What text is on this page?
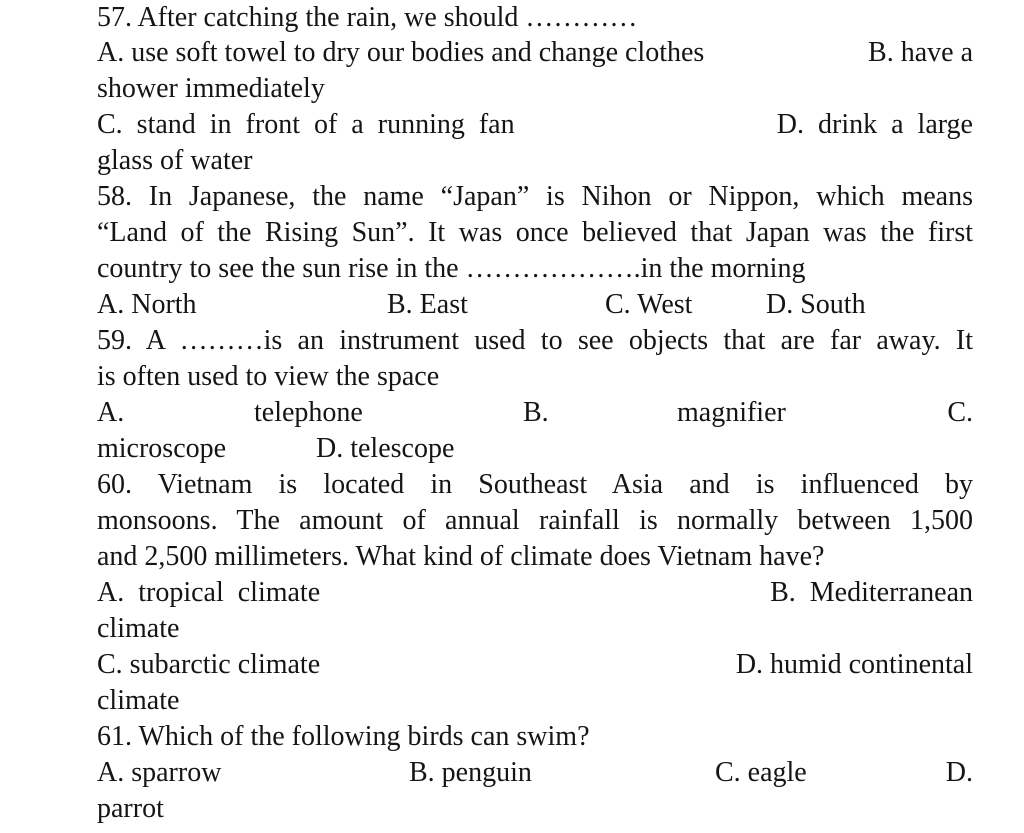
57. After catching the rain, we should …………
A. use soft towel to dry our bodies and change clothes	B. have a
shower immediately
C.  stand  in  front  of  a  running  fan	D.  drink  a  large
glass of water
58. In Japanese, the name “Japan” is Nihon or Nippon, which means
“Land of the Rising Sun”. It was once believed that Japan was the first
country to see the sun rise in the ……………….in the morning
A. North	B. East	C. West	D. South
59. A ………is an instrument used to see objects that are far away. It
is often used to view the space
A.	telephone	B.	magnifier	C.
microscope	D. telescope
60. Vietnam is located in Southeast Asia and is influenced by
monsoons. The amount of annual rainfall is normally between 1,500
and 2,500 millimeters. What kind of climate does Vietnam have?
A.  tropical  climate	B.  Mediterranean
climate
C. subarctic climate	D. humid continental
climate
61. Which of the following birds can swim?
A. sparrow	B. penguin	C. eagle	D.
parrot
